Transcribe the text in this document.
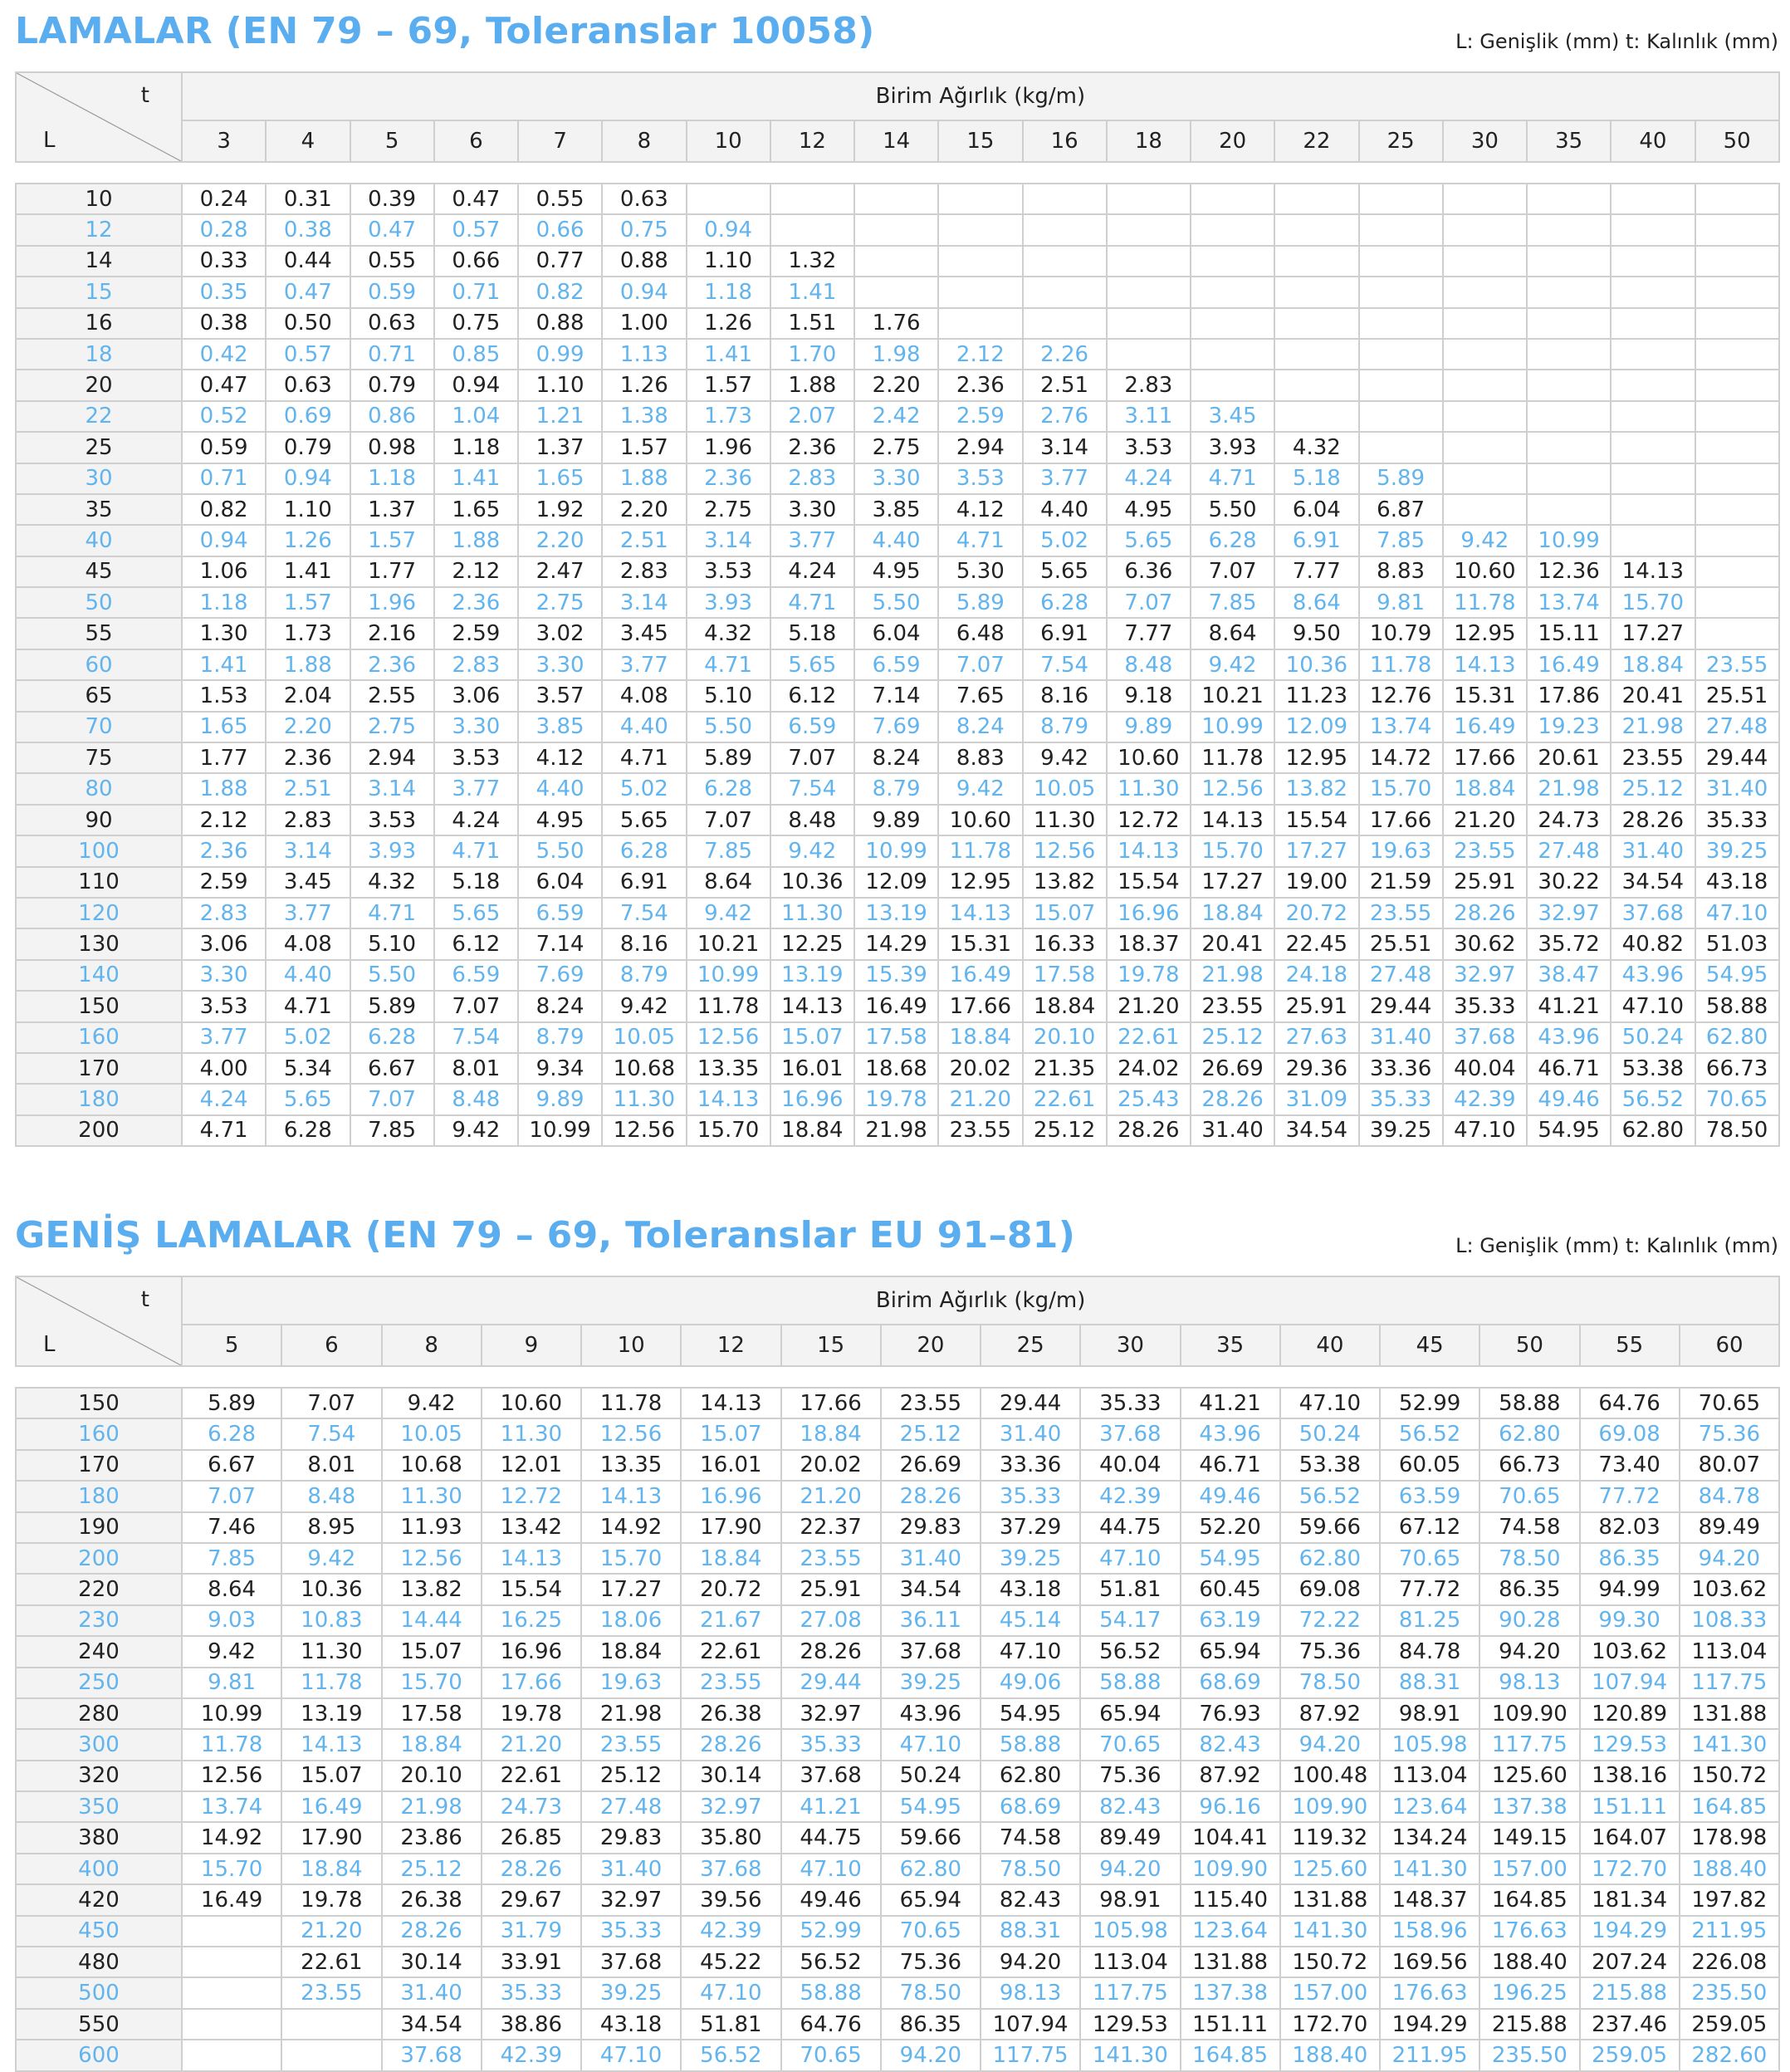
LAMALAR (EN 79 – 69, Toleranslar 10058)	L: Genişlik (mm) t: Kalınlık (mm)
t
L	Birim Ağırlık (kg/m)																		
	3	4	5	6	7	8	10	12	14	15	16	18	20	22	25	30	35	40	50
10	0.24	0.31	0.39	0.47	0.55	0.63													
12	0.28	0.38	0.47	0.57	0.66	0.75	0.94												
14	0.33	0.44	0.55	0.66	0.77	0.88	1.10	1.32											
15	0.35	0.47	0.59	0.71	0.82	0.94	1.18	1.41											
16	0.38	0.50	0.63	0.75	0.88	1.00	1.26	1.51	1.76										
18	0.42	0.57	0.71	0.85	0.99	1.13	1.41	1.70	1.98	2.12	2.26								
20	0.47	0.63	0.79	0.94	1.10	1.26	1.57	1.88	2.20	2.36	2.51	2.83							
22	0.52	0.69	0.86	1.04	1.21	1.38	1.73	2.07	2.42	2.59	2.76	3.11	3.45						
25	0.59	0.79	0.98	1.18	1.37	1.57	1.96	2.36	2.75	2.94	3.14	3.53	3.93	4.32					
30	0.71	0.94	1.18	1.41	1.65	1.88	2.36	2.83	3.30	3.53	3.77	4.24	4.71	5.18	5.89				
35	0.82	1.10	1.37	1.65	1.92	2.20	2.75	3.30	3.85	4.12	4.40	4.95	5.50	6.04	6.87				
40	0.94	1.26	1.57	1.88	2.20	2.51	3.14	3.77	4.40	4.71	5.02	5.65	6.28	6.91	7.85	9.42	10.99		
45	1.06	1.41	1.77	2.12	2.47	2.83	3.53	4.24	4.95	5.30	5.65	6.36	7.07	7.77	8.83	10.60	12.36	14.13	
50	1.18	1.57	1.96	2.36	2.75	3.14	3.93	4.71	5.50	5.89	6.28	7.07	7.85	8.64	9.81	11.78	13.74	15.70	
55	1.30	1.73	2.16	2.59	3.02	3.45	4.32	5.18	6.04	6.48	6.91	7.77	8.64	9.50	10.79	12.95	15.11	17.27	
60	1.41	1.88	2.36	2.83	3.30	3.77	4.71	5.65	6.59	7.07	7.54	8.48	9.42	10.36	11.78	14.13	16.49	18.84	23.55
65	1.53	2.04	2.55	3.06	3.57	4.08	5.10	6.12	7.14	7.65	8.16	9.18	10.21	11.23	12.76	15.31	17.86	20.41	25.51
70	1.65	2.20	2.75	3.30	3.85	4.40	5.50	6.59	7.69	8.24	8.79	9.89	10.99	12.09	13.74	16.49	19.23	21.98	27.48
75	1.77	2.36	2.94	3.53	4.12	4.71	5.89	7.07	8.24	8.83	9.42	10.60	11.78	12.95	14.72	17.66	20.61	23.55	29.44
80	1.88	2.51	3.14	3.77	4.40	5.02	6.28	7.54	8.79	9.42	10.05	11.30	12.56	13.82	15.70	18.84	21.98	25.12	31.40
90	2.12	2.83	3.53	4.24	4.95	5.65	7.07	8.48	9.89	10.60	11.30	12.72	14.13	15.54	17.66	21.20	24.73	28.26	35.33
100	2.36	3.14	3.93	4.71	5.50	6.28	7.85	9.42	10.99	11.78	12.56	14.13	15.70	17.27	19.63	23.55	27.48	31.40	39.25
110	2.59	3.45	4.32	5.18	6.04	6.91	8.64	10.36	12.09	12.95	13.82	15.54	17.27	19.00	21.59	25.91	30.22	34.54	43.18
120	2.83	3.77	4.71	5.65	6.59	7.54	9.42	11.30	13.19	14.13	15.07	16.96	18.84	20.72	23.55	28.26	32.97	37.68	47.10
130	3.06	4.08	5.10	6.12	7.14	8.16	10.21	12.25	14.29	15.31	16.33	18.37	20.41	22.45	25.51	30.62	35.72	40.82	51.03
140	3.30	4.40	5.50	6.59	7.69	8.79	10.99	13.19	15.39	16.49	17.58	19.78	21.98	24.18	27.48	32.97	38.47	43.96	54.95
150	3.53	4.71	5.89	7.07	8.24	9.42	11.78	14.13	16.49	17.66	18.84	21.20	23.55	25.91	29.44	35.33	41.21	47.10	58.88
160	3.77	5.02	6.28	7.54	8.79	10.05	12.56	15.07	17.58	18.84	20.10	22.61	25.12	27.63	31.40	37.68	43.96	50.24	62.80
170	4.00	5.34	6.67	8.01	9.34	10.68	13.35	16.01	18.68	20.02	21.35	24.02	26.69	29.36	33.36	40.04	46.71	53.38	66.73
180	4.24	5.65	7.07	8.48	9.89	11.30	14.13	16.96	19.78	21.20	22.61	25.43	28.26	31.09	35.33	42.39	49.46	56.52	70.65
200	4.71	6.28	7.85	9.42	10.99	12.56	15.70	18.84	21.98	23.55	25.12	28.26	31.40	34.54	39.25	47.10	54.95	62.80	78.50
GENİŞ LAMALAR (EN 79 – 69, Toleranslar EU 91–81)	L: Genişlik (mm) t: Kalınlık (mm)
t
L	Birim Ağırlık (kg/m)															
	5	6	8	9	10	12	15	20	25	30	35	40	45	50	55	60
150	5.89	7.07	9.42	10.60	11.78	14.13	17.66	23.55	29.44	35.33	41.21	47.10	52.99	58.88	64.76	70.65
160	6.28	7.54	10.05	11.30	12.56	15.07	18.84	25.12	31.40	37.68	43.96	50.24	56.52	62.80	69.08	75.36
170	6.67	8.01	10.68	12.01	13.35	16.01	20.02	26.69	33.36	40.04	46.71	53.38	60.05	66.73	73.40	80.07
180	7.07	8.48	11.30	12.72	14.13	16.96	21.20	28.26	35.33	42.39	49.46	56.52	63.59	70.65	77.72	84.78
190	7.46	8.95	11.93	13.42	14.92	17.90	22.37	29.83	37.29	44.75	52.20	59.66	67.12	74.58	82.03	89.49
200	7.85	9.42	12.56	14.13	15.70	18.84	23.55	31.40	39.25	47.10	54.95	62.80	70.65	78.50	86.35	94.20
220	8.64	10.36	13.82	15.54	17.27	20.72	25.91	34.54	43.18	51.81	60.45	69.08	77.72	86.35	94.99	103.62
230	9.03	10.83	14.44	16.25	18.06	21.67	27.08	36.11	45.14	54.17	63.19	72.22	81.25	90.28	99.30	108.33
240	9.42	11.30	15.07	16.96	18.84	22.61	28.26	37.68	47.10	56.52	65.94	75.36	84.78	94.20	103.62	113.04
250	9.81	11.78	15.70	17.66	19.63	23.55	29.44	39.25	49.06	58.88	68.69	78.50	88.31	98.13	107.94	117.75
280	10.99	13.19	17.58	19.78	21.98	26.38	32.97	43.96	54.95	65.94	76.93	87.92	98.91	109.90	120.89	131.88
300	11.78	14.13	18.84	21.20	23.55	28.26	35.33	47.10	58.88	70.65	82.43	94.20	105.98	117.75	129.53	141.30
320	12.56	15.07	20.10	22.61	25.12	30.14	37.68	50.24	62.80	75.36	87.92	100.48	113.04	125.60	138.16	150.72
350	13.74	16.49	21.98	24.73	27.48	32.97	41.21	54.95	68.69	82.43	96.16	109.90	123.64	137.38	151.11	164.85
380	14.92	17.90	23.86	26.85	29.83	35.80	44.75	59.66	74.58	89.49	104.41	119.32	134.24	149.15	164.07	178.98
400	15.70	18.84	25.12	28.26	31.40	37.68	47.10	62.80	78.50	94.20	109.90	125.60	141.30	157.00	172.70	188.40
420	16.49	19.78	26.38	29.67	32.97	39.56	49.46	65.94	82.43	98.91	115.40	131.88	148.37	164.85	181.34	197.82
450		21.20	28.26	31.79	35.33	42.39	52.99	70.65	88.31	105.98	123.64	141.30	158.96	176.63	194.29	211.95
480		22.61	30.14	33.91	37.68	45.22	56.52	75.36	94.20	113.04	131.88	150.72	169.56	188.40	207.24	226.08
500		23.55	31.40	35.33	39.25	47.10	58.88	78.50	98.13	117.75	137.38	157.00	176.63	196.25	215.88	235.50
550			34.54	38.86	43.18	51.81	64.76	86.35	107.94	129.53	151.11	172.70	194.29	215.88	237.46	259.05
600			37.68	42.39	47.10	56.52	70.65	94.20	117.75	141.30	164.85	188.40	211.95	235.50	259.05	282.60
